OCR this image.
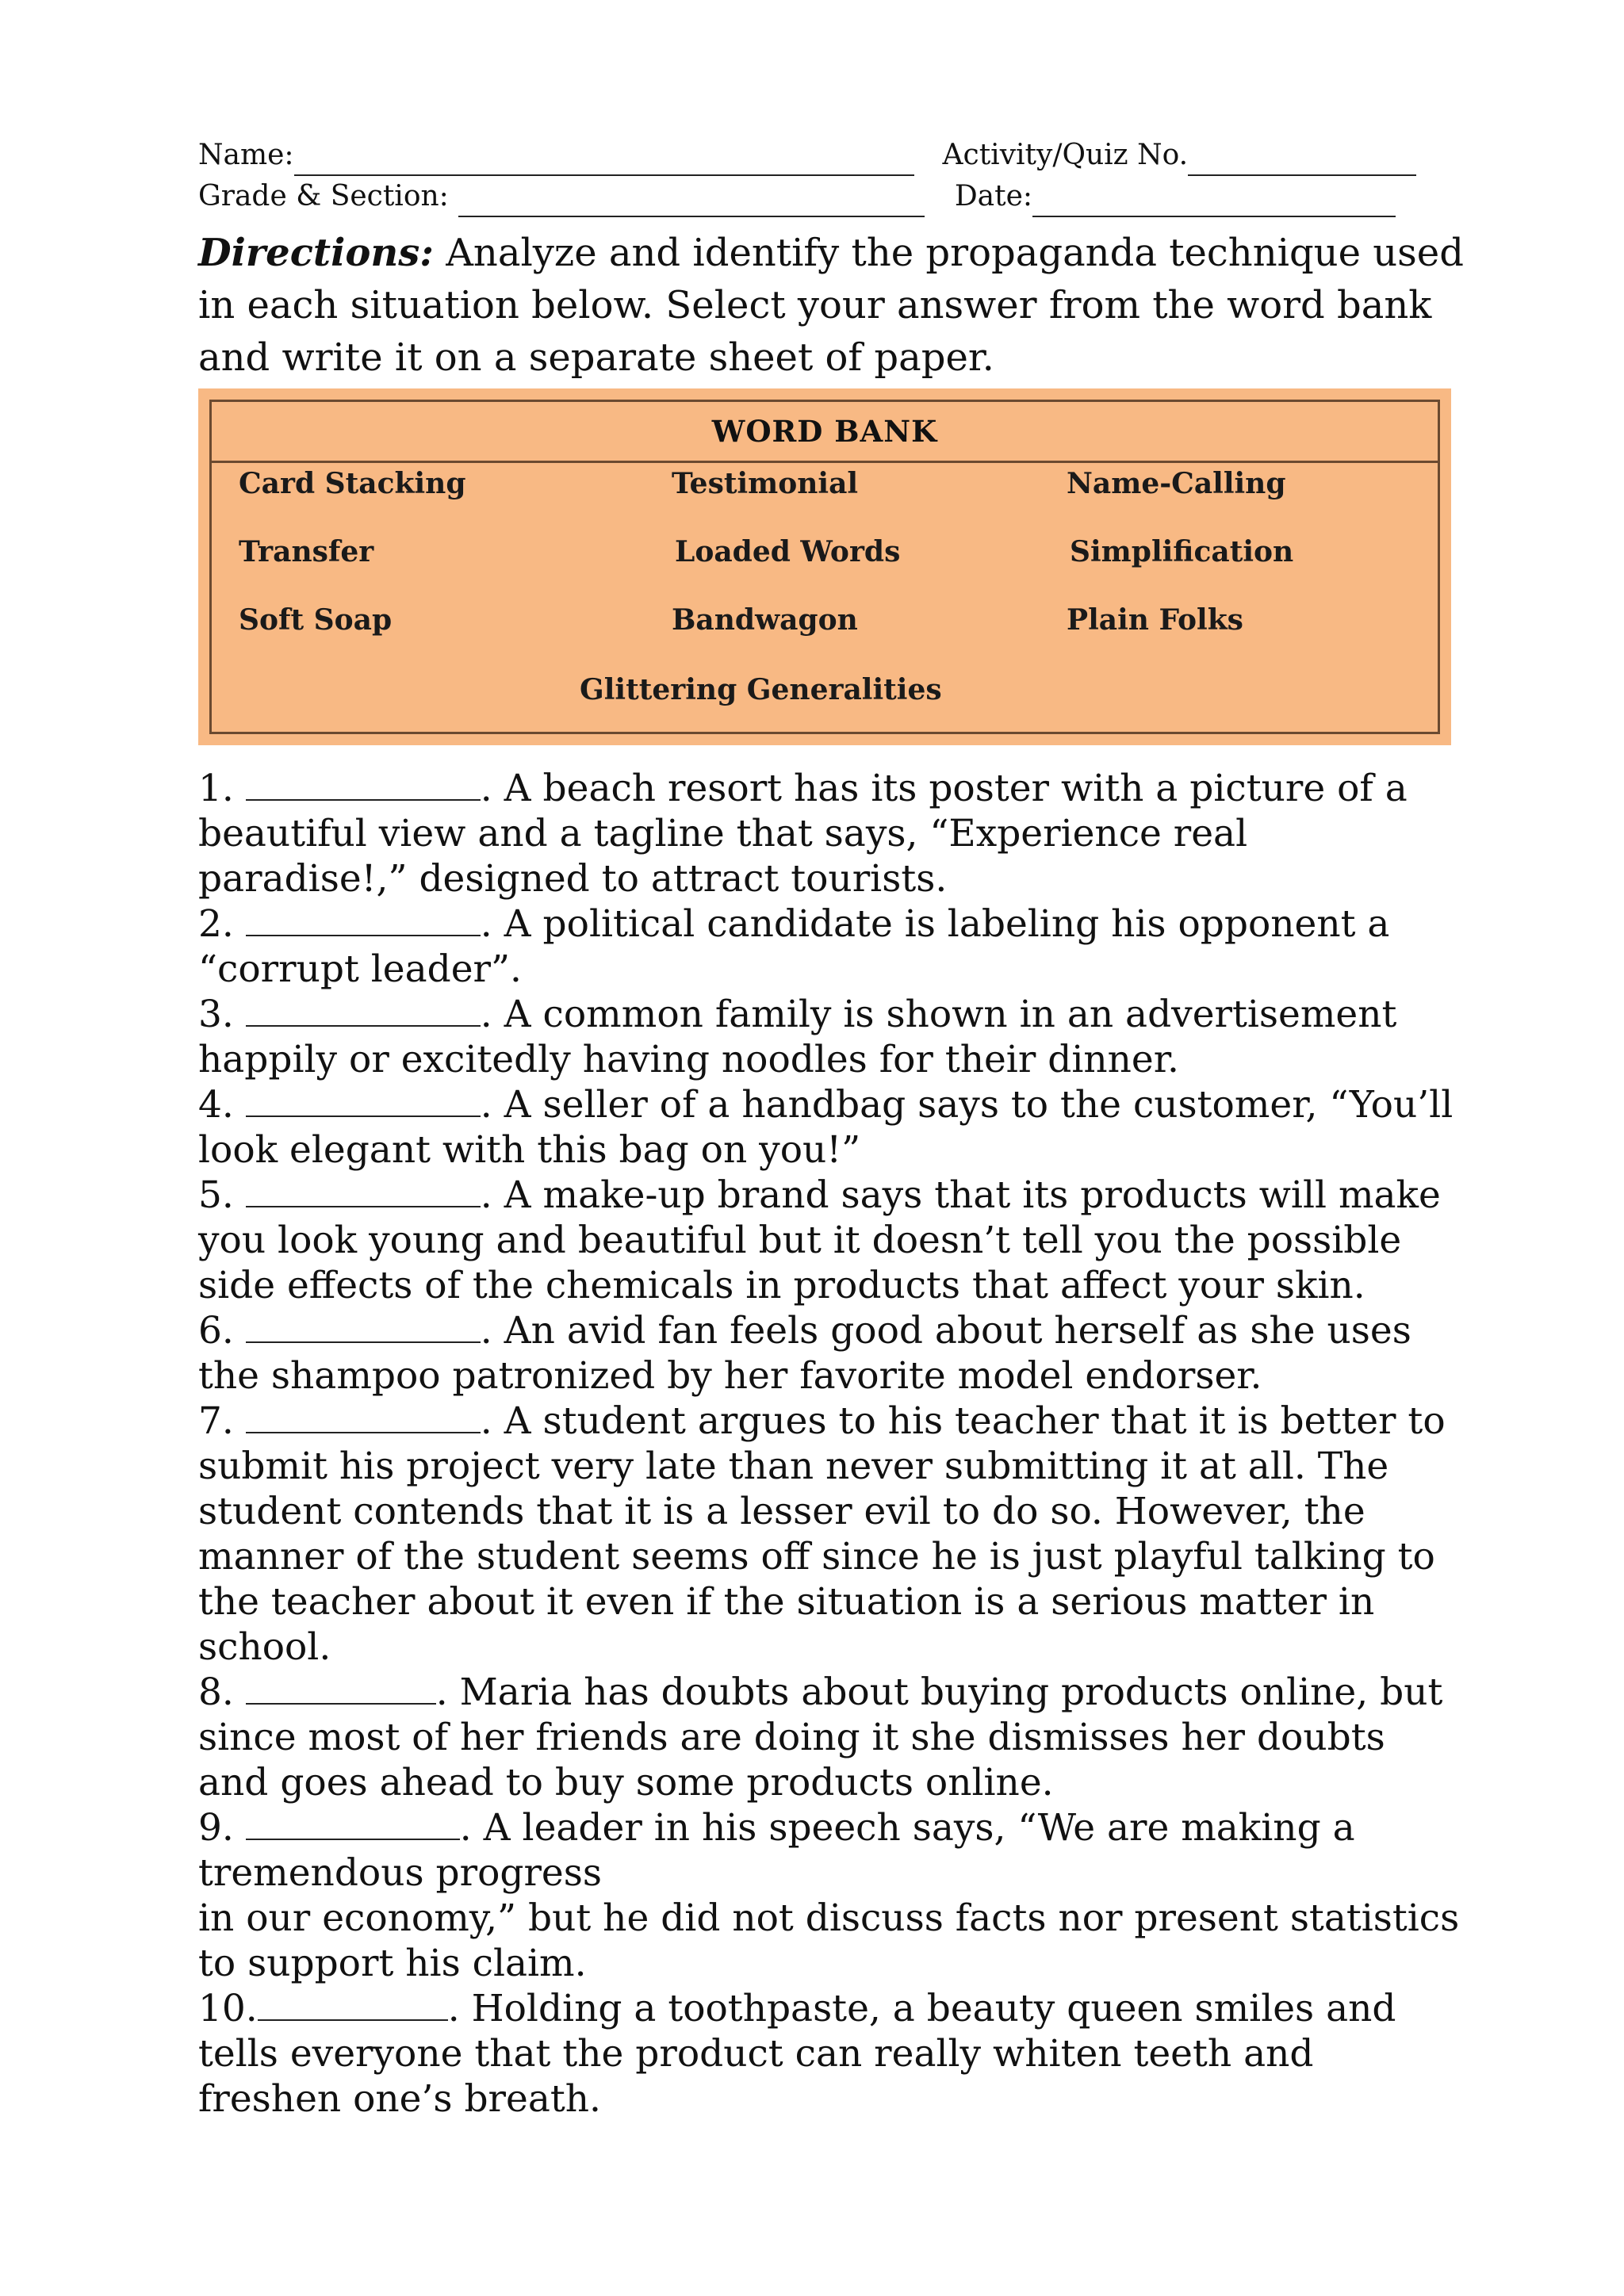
Name:	Activity/Quiz No.
Grade & Section:	Date:
Directions: Analyze and identify the propaganda technique used in each situation below. Select your answer from the word bank and write it on a separate sheet of paper.
WORD BANK
Card Stacking	Testimonial	Name-Calling
Transfer	Loaded Words	Simplification
Soft Soap	Bandwagon	Plain Folks
Glittering Generalities

1.	. A beach resort has its poster with a picture of a beautiful view and a tagline that says, “Experience real paradise!,” designed to attract tourists.

2.	. A political candidate is labeling his opponent a “corrupt leader”.

3.	. A common family is shown in an advertisement happily or excitedly having noodles for their dinner.

4.	. A seller of a handbag says to the customer, “You’ll look elegant with this bag on you!”

5.	. A make-up brand says that its products will make you look young and beautiful but it doesn’t tell you the possible side effects of the chemicals in products that affect your skin.

6.	. An avid fan feels good about herself as she uses the shampoo patronized by her favorite model endorser.

7.	. A student argues to his teacher that it is better to submit his project very late than never submitting it at all. The student contends that it is a lesser evil to do so. However, the manner of the student seems off since he is just playful talking to the teacher about it even if the situation is a serious matter in school.

8.	. Maria has doubts about buying products online, but since most of her friends are doing it she dismisses her doubts and goes ahead to buy some products online.

9.	. A leader in his speech says, “We are making a tremendous progress

in our economy,” but he did not discuss facts nor present statistics to support his claim.

10.	. Holding a toothpaste, a beauty queen smiles and tells everyone that the product can really whiten teeth and freshen one’s breath.
